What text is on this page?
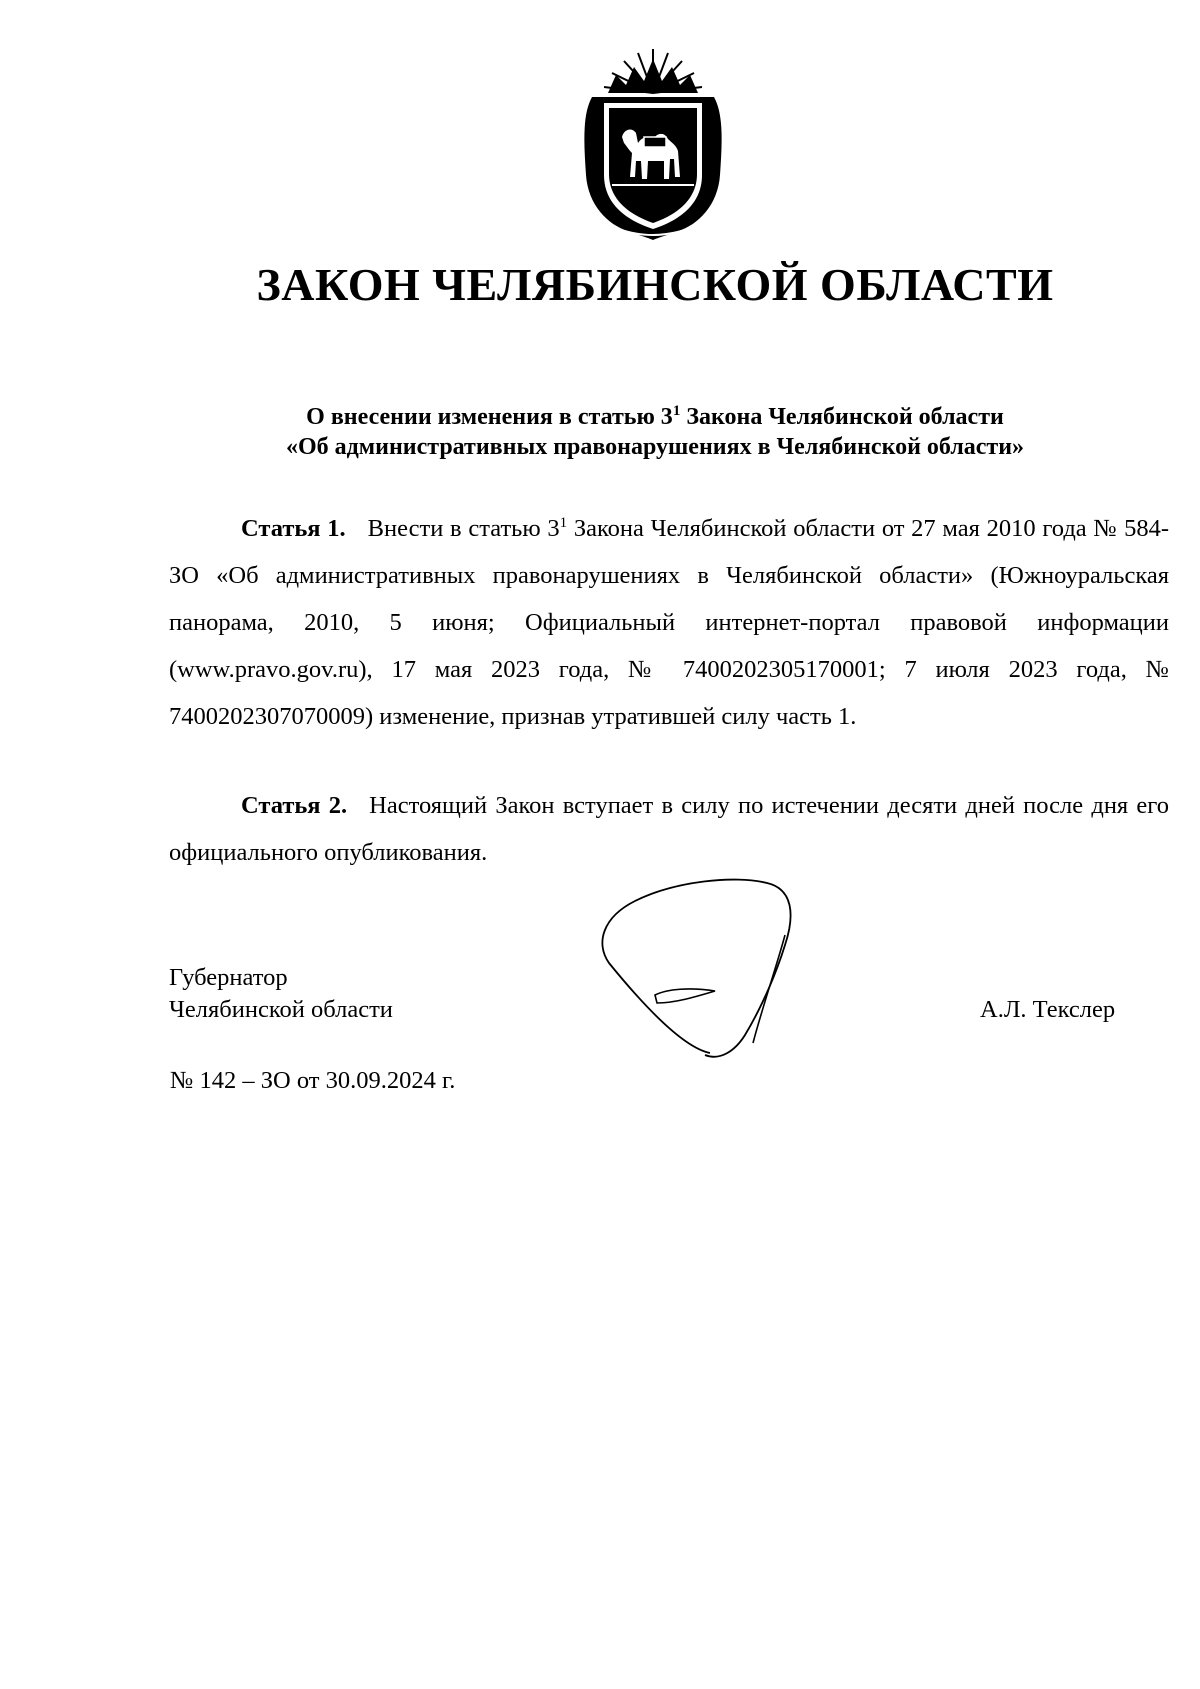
ЗАКОН ЧЕЛЯБИНСКОЙ ОБЛАСТИ
О внесении изменения в статью $3^1$ Закона Челябинской области
«Об административных правонарушениях в Челябинской области»
Статья 1. Внести в статью $3^1$ Закона Челябинской области от 27 мая 2010 года № 584-ЗО «Об административных правонарушениях в Челябинской области» (Южноуральская панорама, 2010, 5 июня; Официальный интернет-портал правовой информации (www.pravo.gov.ru), 17 мая 2023 года, № 7400202305170001; 7 июля 2023 года, № 7400202307070009) изменение, признав утратившей силу часть 1.
Статья 2. Настоящий Закон вступает в силу по истечении десяти дней после дня его официального опубликования.
Губернатор
Челябинской области	А.Л. Текслер
№ 142 – ЗО от 30.09.2024 г.
